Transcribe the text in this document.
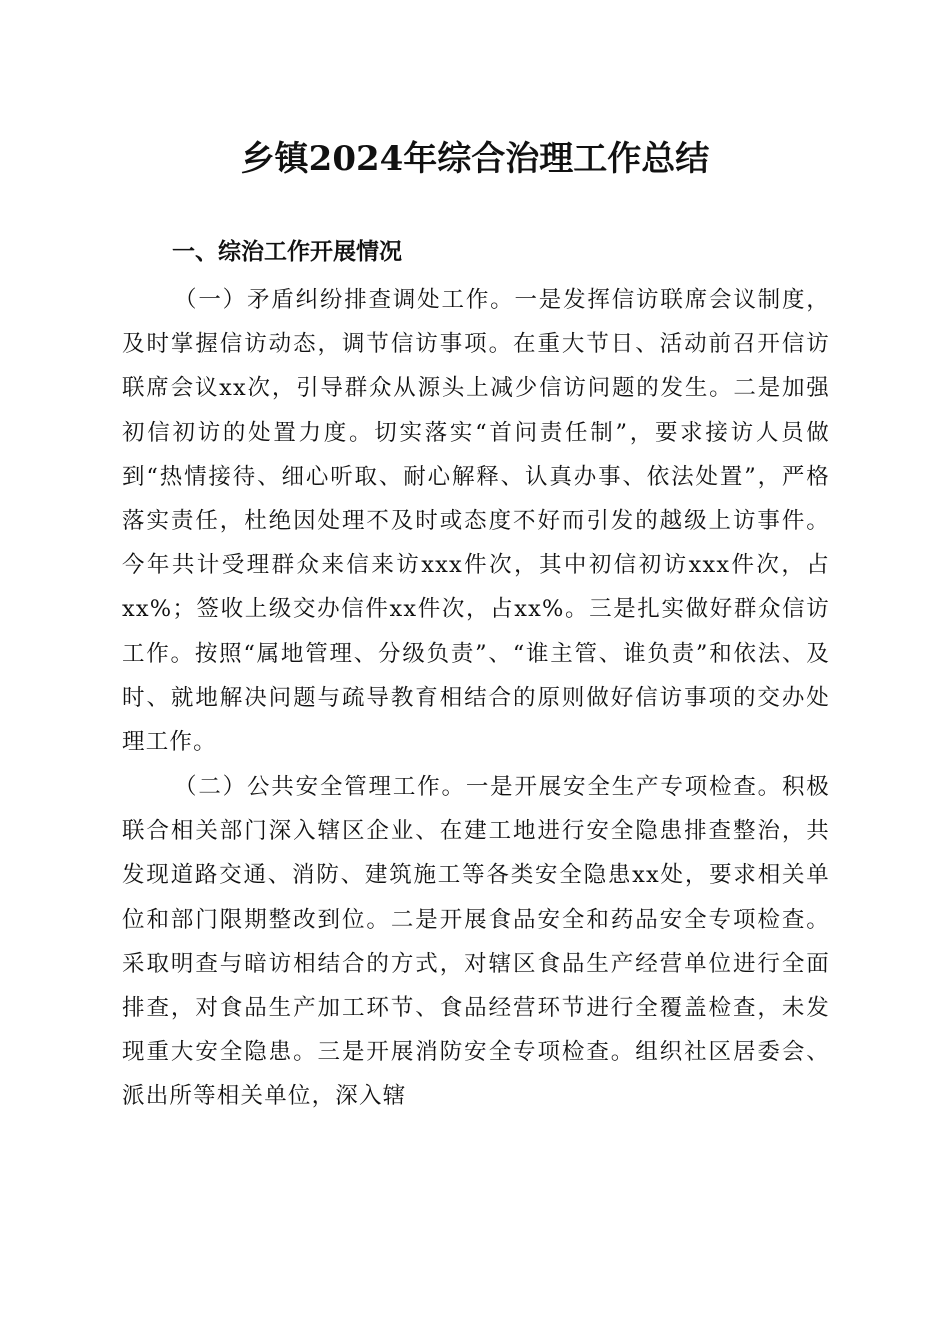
乡镇2024年综合治理工作总结
一、综治工作开展情况

（一）矛盾纠纷排查调处工作。一是发挥信访联席会议制度，及时掌握信访动态，调节信访事项。在重大节日、活动前召开信访联席会议xx次，引导群众从源头上减少信访问题的发生。二是加强初信初访的处置力度。切实落实“首问责任制”，要求接访人员做到“热情接待、细心听取、耐心解释、认真办事、依法处置”，严格落实责任，杜绝因处理不及时或态度不好而引发的越级上访事件。今年共计受理群众来信来访xxx件次，其中初信初访xxx件次，占xx%；签收上级交办信件xx件次，占xx%。三是扎实做好群众信访工作。按照“属地管理、分级负责”、“谁主管、谁负责”和依法、及时、就地解决问题与疏导教育相结合的原则做好信访事项的交办处理工作。

（二）公共安全管理工作。一是开展安全生产专项检查。积极联合相关部门深入辖区企业、在建工地进行安全隐患排查整治，共发现道路交通、消防、建筑施工等各类安全隐患xx处，要求相关单位和部门限期整改到位。二是开展食品安全和药品安全专项检查。采取明查与暗访相结合的方式，对辖区食品生产经营单位进行全面排查，对食品生产加工环节、食品经营环节进行全覆盖检查，未发现重大安全隐患。三是开展消防安全专项检查。组织社区居委会、派出所等相关单位，深入辖
